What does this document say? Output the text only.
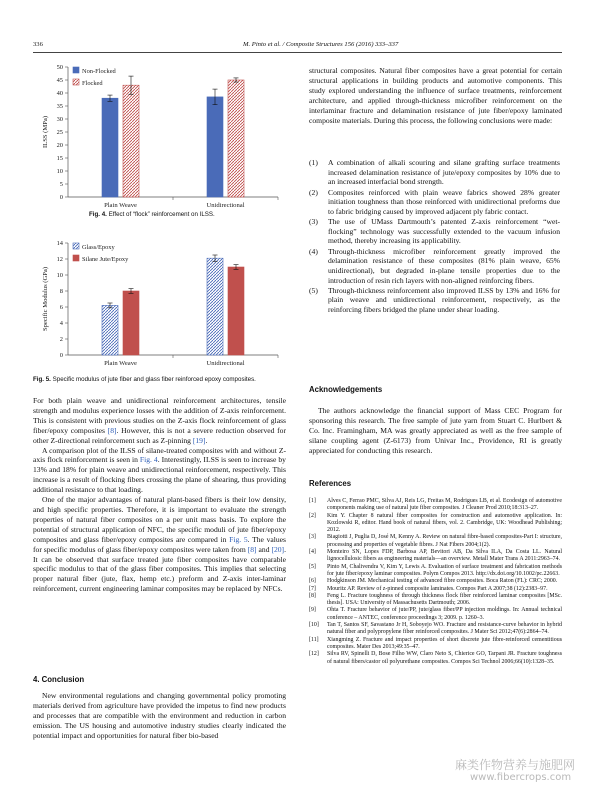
336	M. Pinto et al. / Composite Structures 156 (2016) 333–337
0
5
10
15
20
25
30
35
40
45
50
ILSS (MPa)
Plain Weave	Unidirectional
Non-Flocked
Flocked
Fig. 4. Effect of “flock” reinforcement on ILSS.
0
2
4
6
8
10
12
14
Specific Modulus (GPa)
Plain Weave	Unidirectional
Glass/Epoxy
Silane Jute/Epoxy
Fig. 5. Specific modulus of jute fiber and glass fiber reinforced epoxy composites.

For both plain weave and unidirectional reinforcement architectures, tensile strength and modulus experience losses with the addition of Z-axis reinforcement. This is consistent with previous studies on the Z-axis flock reinforcement of glass fiber/epoxy composites [8]. However, this is not a severe reduction observed for other Z-directional reinforcement such as Z-pinning [19].

A comparison plot of the ILSS of silane-treated composites with and without Z-axis flock reinforcement is seen in Fig. 4. Interestingly, ILSS is seen to increase by 13% and 18% for plain weave and unidirectional reinforcement, respectively. This increase is a result of flocking fibers crossing the plane of shearing, thus providing additional resistance to that loading.

One of the major advantages of natural plant-based fibers is their low density, and high specific properties. Therefore, it is important to evaluate the strength properties of natural fiber composites on a per unit mass basis. To explore the potential of structural application of NFC, the specific moduli of jute fiber/epoxy composites and glass fiber/epoxy composites are compared in Fig. 5. The values for specific modulus of glass fiber/epoxy composites were taken from [8] and [20]. It can be observed that surface treated jute fiber composites have comparable specific modulus to that of the glass fiber composites. This implies that selecting proper natural fiber (jute, flax, hemp etc.) preform and Z-axis inter-laminar reinforcement, current engineering laminar composites may be replaced by NFCs.

4. Conclusion

New environmental regulations and changing governmental policy promoting materials derived from agriculture have provided the impetus to find new products and processes that are compatible with the environment and reduction in carbon emission. The US housing and automotive industry studies clearly indicated the potential impact and opportunities for natural fiber bio-based

structural composites. Natural fiber composites have a great potential for certain structural applications in building products and automotive components. This study explored understanding the influence of surface treatments, reinforcement architecture, and applied through-thickness microfiber reinforcement on the interlaminar fracture and delamination resistance of jute fiber/epoxy laminated composite materials. During this process, the following conclusions were made:

(1) A combination of alkali scouring and silane grafting surface treatments increased delamination resistance of jute/epoxy composites by 10% due to an increased interfacial bond strength.
(2) Composites reinforced with plain weave fabrics showed 28% greater initiation toughness than those reinforced with unidirectional preforms due to fabric bridging caused by improved adjacent ply fabric contact.
(3) The use of UMass Dartmouth’s patented Z-axis reinforcement “wet-flocking” technology was successfully extended to the vacuum infusion method, thereby increasing its applicability.
(4) Through-thickness microfiber reinforcement greatly improved the delamination resistance of these composites (81% plain weave, 65% unidirectional), but degraded in-plane tensile properties due to the introduction of resin rich layers with non-aligned reinforcing fibers.
(5) Through-thickness reinforcement also improved ILSS by 13% and 16% for plain weave and unidirectional reinforcement, respectively, as the reinforcing fibers bridged the plane under shear loading.
Acknowledgements

The authors acknowledge the financial support of Mass CEC Program for sponsoring this research. The free sample of jute yarn from Stuart C. Hurlbert & Co. Inc. Framingham, MA was greatly appreciated as well as the free sample of silane coupling agent (Z-6173) from Univar Inc., Providence, RI is greatly appreciated for conducting this research.

References
[1] Alves C, Ferrao PMC, Silva AJ, Reis LG, Freitas M, Rodrigues LB, et al. Ecodesign of automotive components making use of natural jute fiber composites. J Cleaner Prod 2010;18:313–27.
[2] Kim Y. Chapter 8 natural fiber composites for construction and automotive application. In: Kozlowski R, editor. Hand book of natural fibers, vol. 2. Cambridge, UK: Woodhead Publishing; 2012.
[3] Biagiotti J, Puglia D, José M, Kenny A. Review on natural fibre-based composites-Part I: structure, processing and properties of vegetable fibres. J Nat Fibers 2004;1(2).
[4] Monteiro SN, Lopes FDP, Barbosa AP, Bevitori AB, Da Silva ILA, Da Costa LL. Natural lignocellulosic fibers as engineering materials—an overview. Metall Mater Trans A 2011:2963–74.
[5] Pinto M, Chalivendra V, Kim Y, Lewis A. Evaluation of surface treatment and fabrication methods for jute fiber/epoxy laminar composites. Polym Compos 2013. http://dx.doi.org/10.1002/pc.22663.
[6] Hodgkinson JM. Mechanical testing of advanced fibre composites. Boca Raton (FL): CRC; 2000.
[7] Mouritz AP. Review of z-pinned composite laminates. Compos Part A 2007;38 (12):2383–97.
[8] Feng L. Fracture toughness of through thickness flock fiber reinforced laminar composites [MSc. thesis]. USA: University of Massachusetts Dartmouth; 2006.
[9] Ohta T. Fracture behavior of jute/PP, jute/glass fiber/PP injection moldings. In: Annual technical conference – ANTEC, conference proceedings 3; 2009. p. 1260–3.
[10] Tan T, Santos SF, Savastano Jr H, Soboyejo WO. Fracture and resistance-curve behavior in hybrid natural fiber and polypropylene fiber reinforced composites. J Mater Sci 2012;47(6):2864–74.
[11] Xiangming Z. Fracture and impact properties of short discrete jute fibre-reinforced cementitious composites. Mater Des 2013;49:35–47.
[12] Silva RV, Spinelli D, Bose Filho WW, Claro Neto S, Chierice GO, Tarpani JR. Fracture toughness of natural fibers/castor oil polyurethane composites. Compos Sci Technol 2006;66(10):1328–35.
麻类作物营养与施肥网
www.fibercrops.com
